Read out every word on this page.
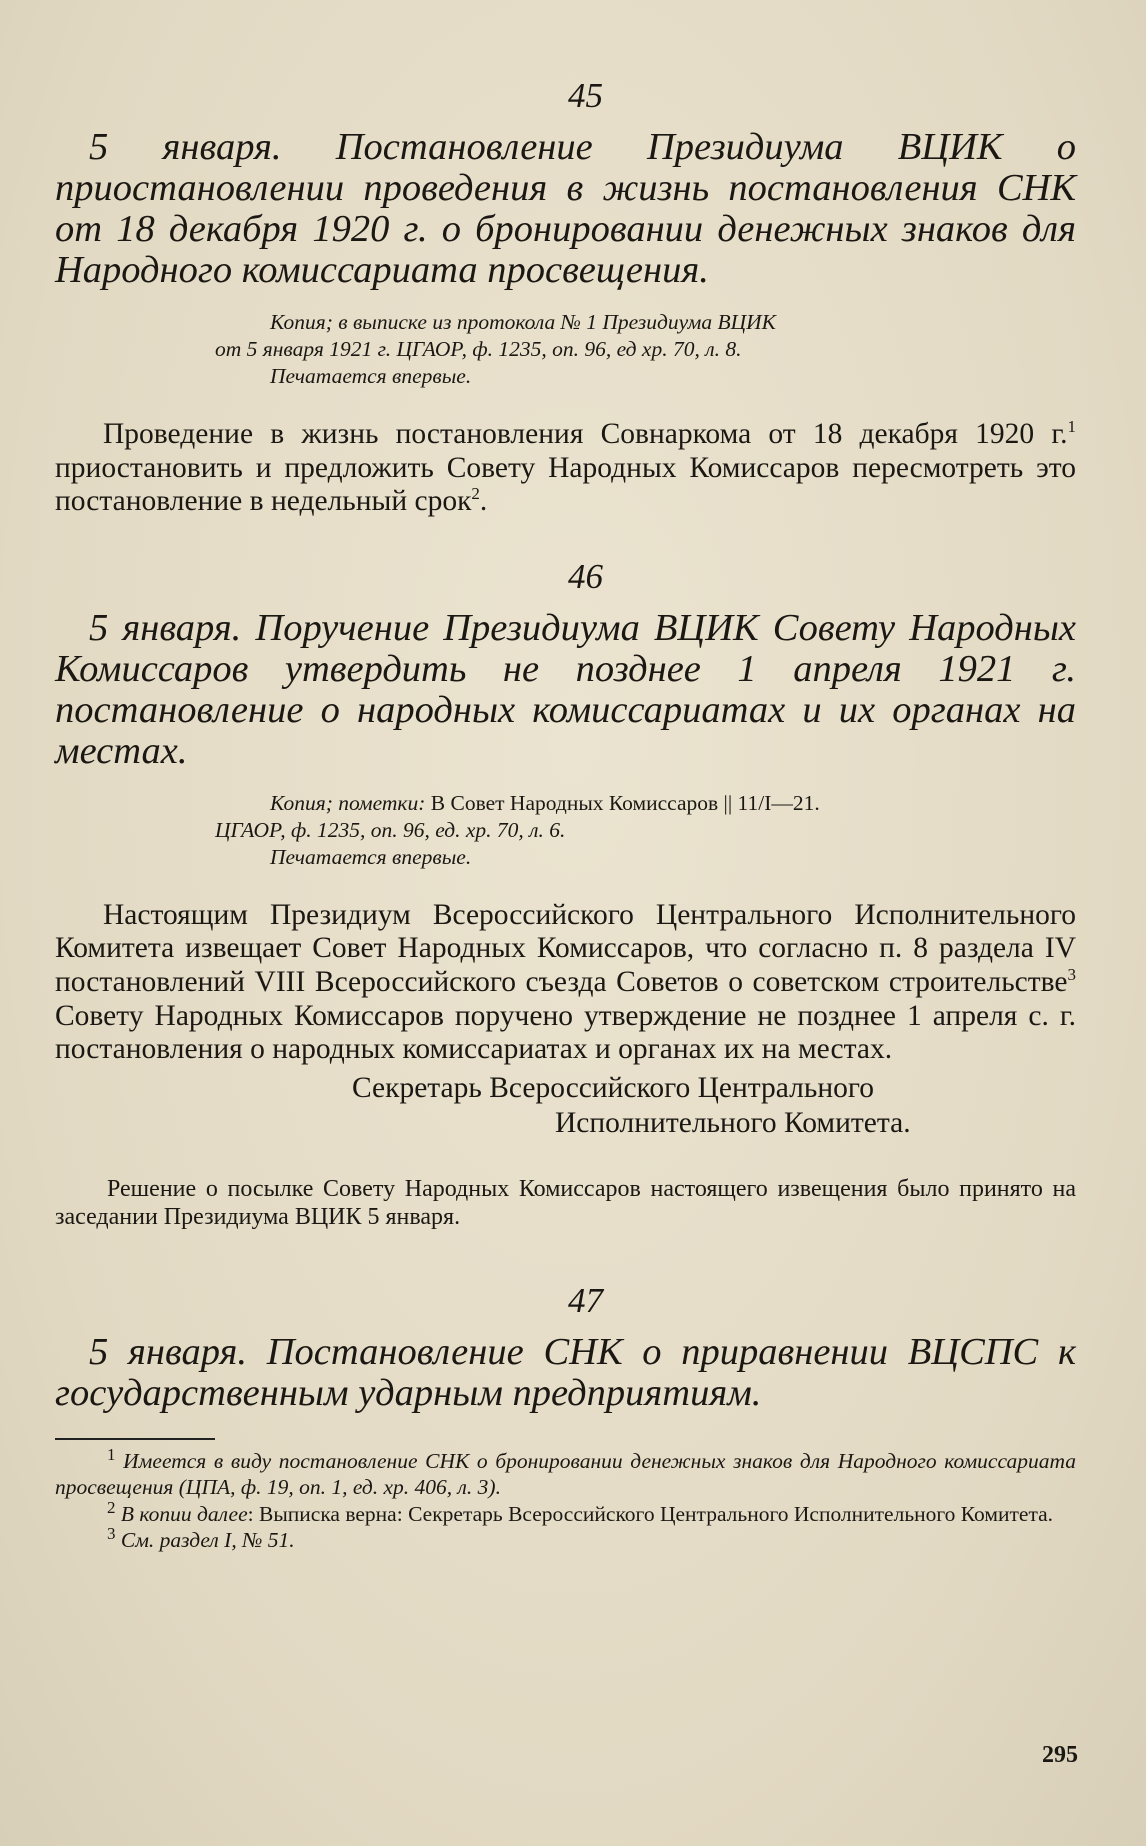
45

5 января. Постановление Президиума ВЦИК о приостановлении проведения в жизнь постановления СНК от 18 декабря 1920 г. о бронировании денежных знаков для Народного комиссариата просвещения.

Копия; в выписке из протокола № 1 Президиума ВЦИК
от 5 января 1921 г. ЦГАОР, ф. 1235, оп. 96, ед хр. 70, л. 8.
Печатается впервые.

Проведение в жизнь постановления Совнаркома от 18 декабря 1920 г.$^1$ приостановить и предложить Совету Народных Комиссаров пересмотреть это постановление в недельный срок$^2$.

46

5 января. Поручение Президиума ВЦИК Совету Народных Комиссаров утвердить не позднее 1 апреля 1921 г. постановление о народных комиссариатах и их органах на местах.

Копия; пометки: В Совет Народных Комиссаров || 11/I—21.
ЦГАОР, ф. 1235, оп. 96, ед. хр. 70, л. 6.
Печатается впервые.

Настоящим Президиум Всероссийского Центрального Исполнительного Комитета извещает Совет Народных Комиссаров, что согласно п. 8 раздела IV постановлений VIII Всероссийского съезда Советов о советском строительстве$^3$ Совету Народных Комиссаров поручено утверждение не позднее 1 апреля с. г. постановления о народных комиссариатах и органах их на местах.

Секретарь Всероссийского Центрального
Исполнительного Комитета.

Решение о посылке Совету Народных Комиссаров настоящего извещения было принято на заседании Президиума ВЦИК 5 января.

47

5 января. Постановление СНК о приравнении ВЦСПС к государственным ударным предприятиям.

$^1$ Имеется в виду постановление СНК о бронировании денежных знаков для Народного комиссариата просвещения (ЦПА, ф. 19, оп. 1, ед. хр. 406, л. 3).

$^2$ В копии далее: Выписка верна: Секретарь Всероссийского Центрального Исполнительного Комитета.

$^3$ См. раздел I, № 51.

295
